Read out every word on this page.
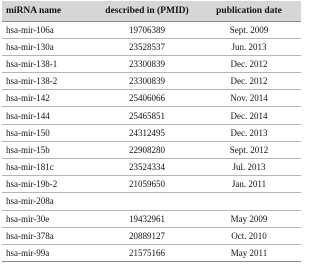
miRNA name	described in (PMID)	publication date
hsa-mir-106a	19706389	Sept. 2009
hsa-mir-130a	23528537	Jun. 2013
hsa-mir-138-1	23300839	Dec. 2012
hsa-mir-138-2	23300839	Dec. 2012
hsa-mir-142	25406066	Nov. 2014
hsa-mir-144	25465851	Dec. 2014
hsa-mir-150	24312495	Dec. 2013
hsa-mir-15b	22908280	Sept. 2012
hsa-mir-181c	23524334	Jul. 2013
hsa-mir-19b-2	21059650	Jan. 2011
hsa-mir-208a		
hsa-mir-30e	19432961	May 2009
hsa-mir-378a	20889127	Oct. 2010
hsa-mir-99a	21575166	May 2011
